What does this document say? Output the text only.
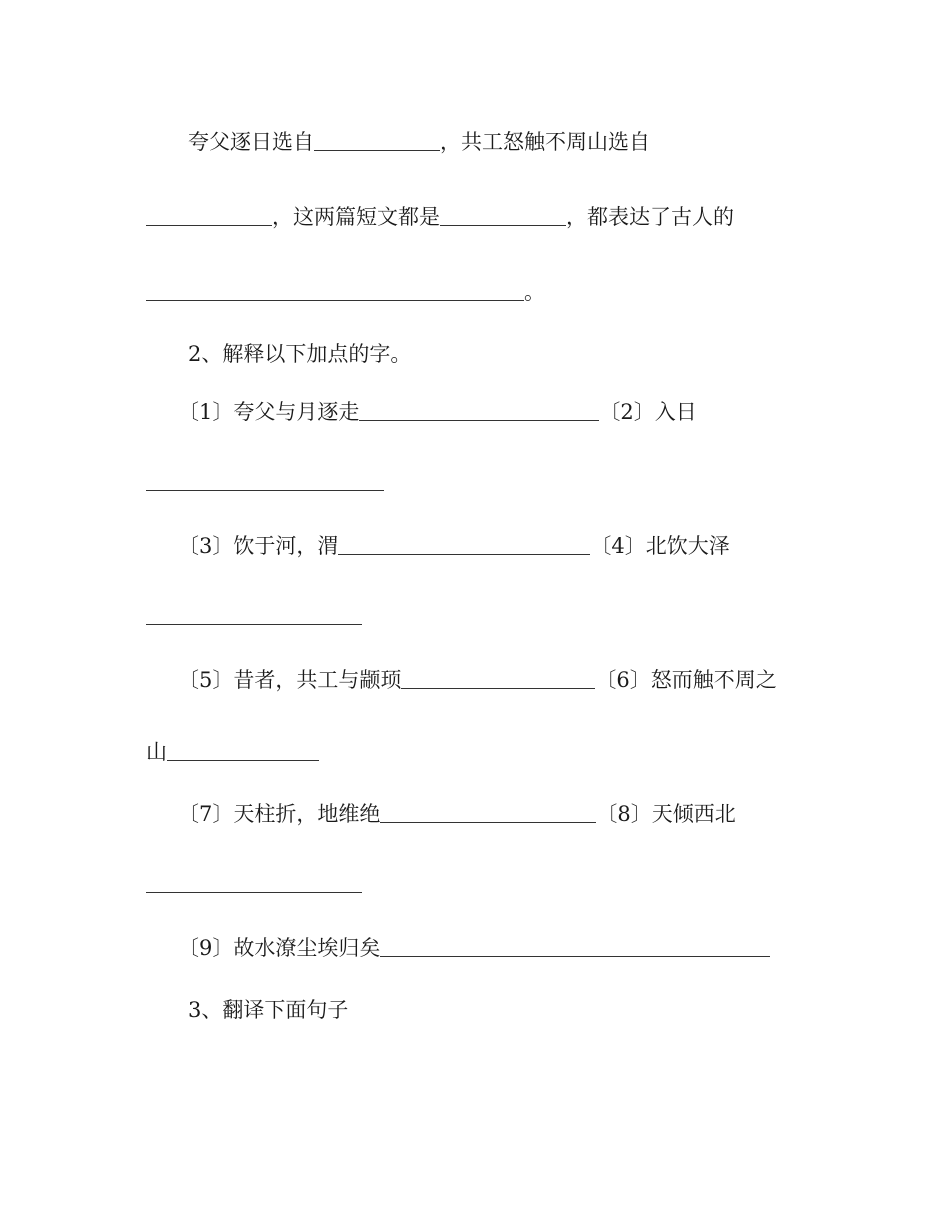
夸父逐日选自	，共工怒触不周山选自
，这两篇短文都是	，都表达了古人的
。
2、解释以下加点的字。
〔1〕夸父与月逐走	〔2〕入日
〔3〕饮于河，渭	〔4〕北饮大泽
〔5〕昔者，共工与颛顼	〔6〕怒而触不周之
山
〔7〕天柱折，地维绝	〔8〕天倾西北
〔9〕故水潦尘埃归矣
3、翻译下面句子
